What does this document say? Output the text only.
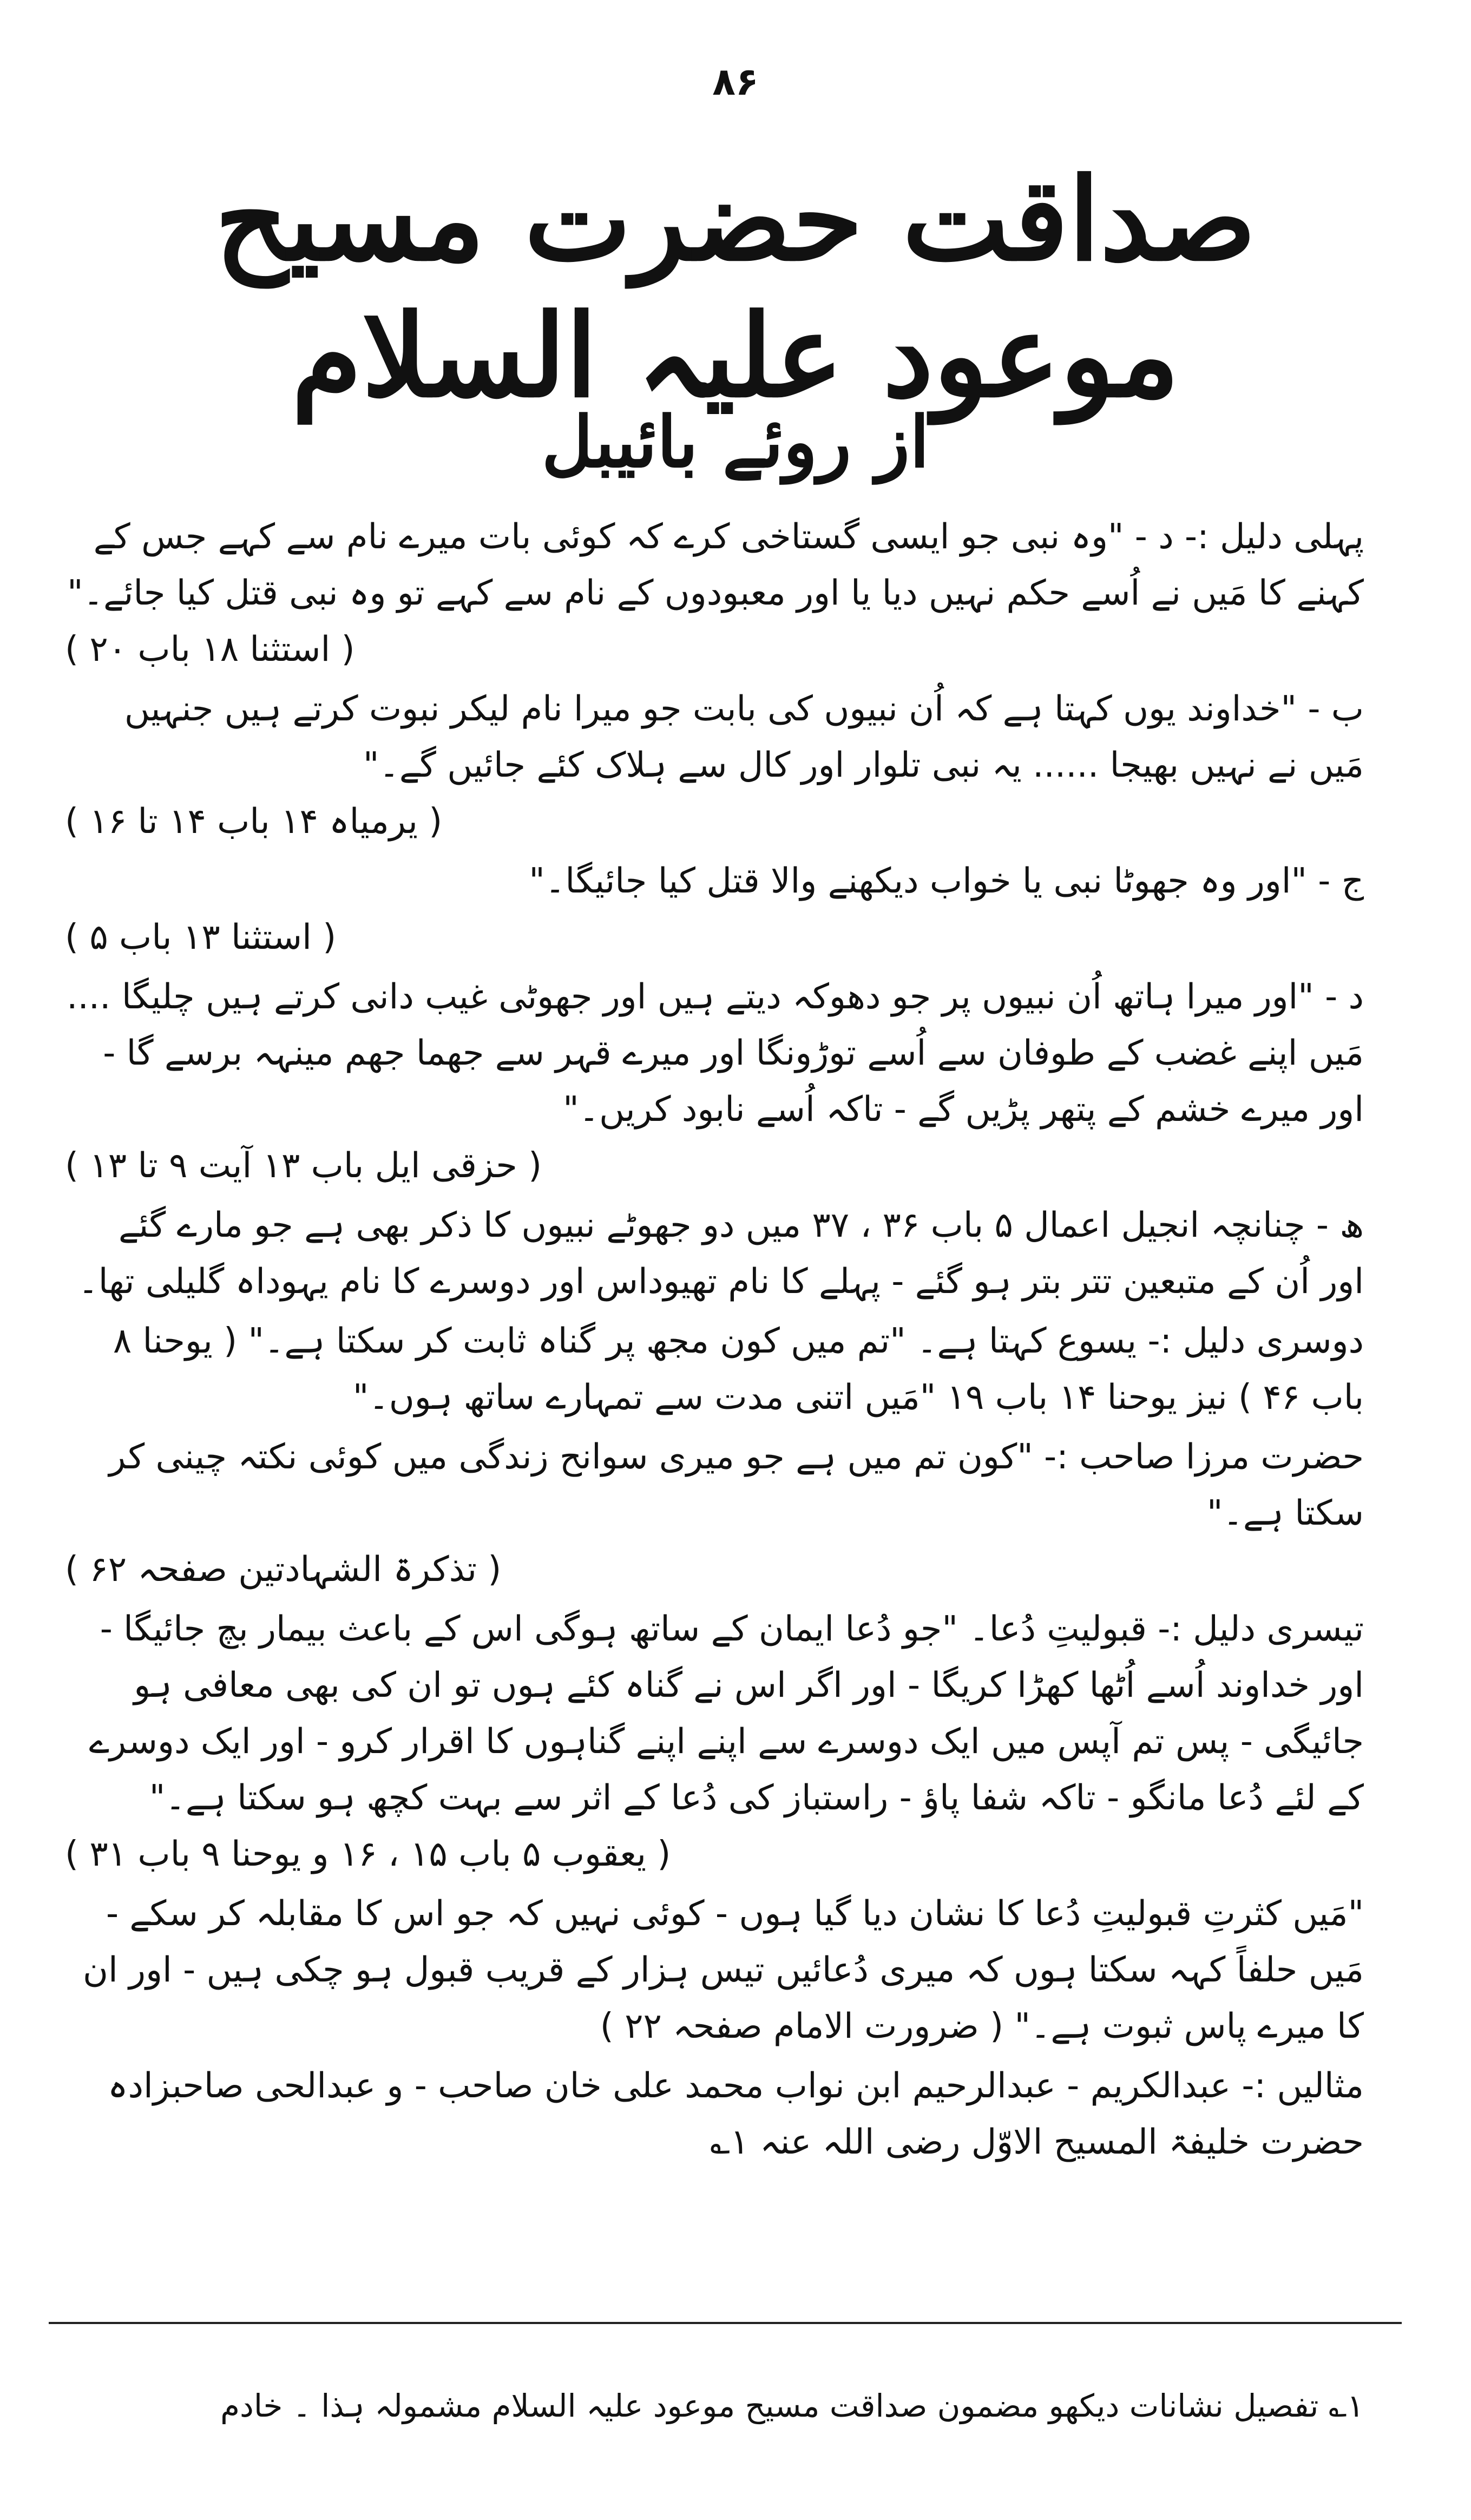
۸۶
صداقت حضرت مسیح موعود علیہ السلام
از روئے بائیبل

پہلی دلیل :- د - "وہ نبی جو ایسی گستاخی کرے کہ کوئی بات میرے نام سے کہے جس کے کہنے کا مَیں نے اُسے حکم نہیں دیا یا اور معبودوں کے نام سے کہے تو وہ نبی قتل کیا جائے۔"
( استثنا ۱۸ باب ۲۰ )

ب - "خداوند یوں کہتا ہے کہ اُن نبیوں کی بابت جو میرا نام لیکر نبوت کرتے ہیں جنہیں مَیں نے نہیں بھیجا ...... یہ نبی تلوار اور کال سے ہلاک کئے جائیں گے۔"
( یرمیاہ ۱۴ باب ۱۴ تا ۱۶ )

ج - "اور وہ جھوٹا نبی یا خواب دیکھنے والا قتل کیا جائیگا۔"
( استثنا ۱۳ باب ۵ )

د - "اور میرا ہاتھ اُن نبیوں پر جو دھوکہ دیتے ہیں اور جھوٹی غیب دانی کرتے ہیں چلیگا .... مَیں اپنے غضب کے طوفان سے اُسے توڑونگا اور میرے قہر سے جھما جھم مینہہ برسے گا - اور میرے خشم کے پتھر پڑیں گے - تاکہ اُسے نابود کریں۔"
( حزقی ایل باب ۱۳ آیت ۹ تا ۱۳ )

ھ - چنانچہ انجیل اعمال ۵ باب ۳۶ ، ۳۷ میں دو جھوٹے نبیوں کا ذکر بھی ہے جو مارے گئے اور اُن کے متبعین تتر بتر ہو گئے - پہلے کا نام تھیوداس اور دوسرے کا نام یہوداہ گلیلی تھا۔

دوسری دلیل :- یسوع کہتا ہے۔ "تم میں کون مجھ پر گناہ ثابت کر سکتا ہے۔" ( یوحنا ۸ باب ۴۶ ) نیز یوحنا ۱۴ باب ۱۹ "مَیں اتنی مدت سے تمہارے ساتھ ہوں۔"

حضرت مرزا صاحب :- "کون تم میں ہے جو میری سوانح زندگی میں کوئی نکتہ چینی کر سکتا ہے۔"
( تذکرۃ الشہادتین صفحہ ۶۲ )

تیسری دلیل :- قبولیتِ دُعا۔ "جو دُعا ایمان کے ساتھ ہوگی اس کے باعث بیمار بچ جائیگا - اور خداوند اُسے اُٹھا کھڑا کریگا - اور اگر اس نے گناہ کئے ہوں تو ان کی بھی معافی ہو جائیگی - پس تم آپس میں ایک دوسرے سے اپنے اپنے گناہوں کا اقرار کرو - اور ایک دوسرے کے لئے دُعا مانگو - تاکہ شفا پاؤ - راستباز کی دُعا کے اثر سے بہت کچھ ہو سکتا ہے۔"
( یعقوب ۵ باب ۱۵ ، ۱۶ و یوحنا ۹ باب ۳۱ )

"مَیں کثرتِ قبولیتِ دُعا کا نشان دیا گیا ہوں - کوئی نہیں کہ جو اس کا مقابلہ کر سکے - مَیں حلفاً کہہ سکتا ہوں کہ میری دُعائیں تیس ہزار کے قریب قبول ہو چکی ہیں - اور ان کا میرے پاس ثبوت ہے۔" ( ضرورت الامام صفحہ ۲۲ )

مثالیں :- عبدالکریم - عبدالرحیم ابن نواب محمد علی خان صاحب - و عبدالحی صاحبزادہ حضرت خلیفۃ المسیح الاوّل رضی اللہ عنہ ۱؎

۱؎ تفصیل نشانات دیکھو مضمون صداقت مسیح موعود علیہ السلام مشمولہ ہذا ۔ خادم
